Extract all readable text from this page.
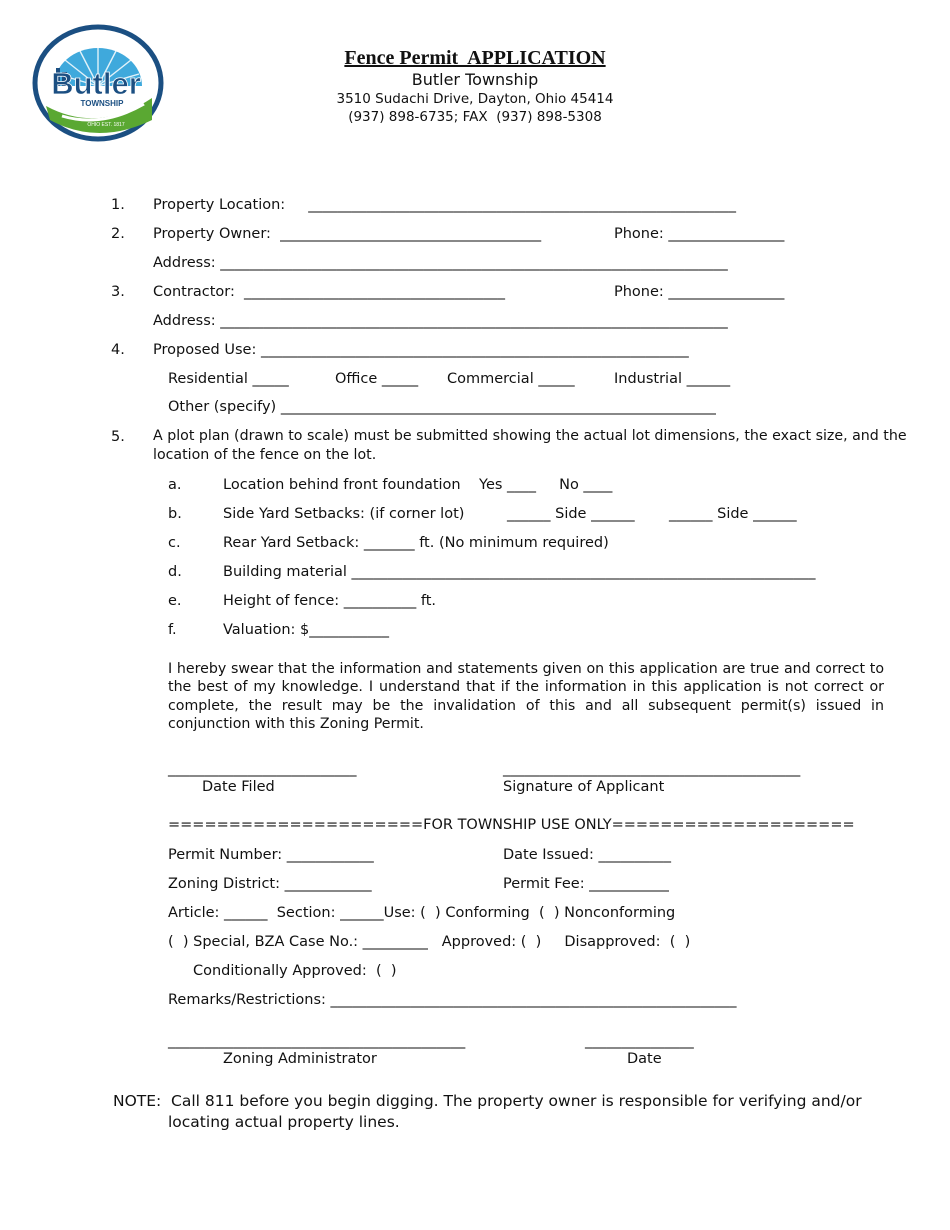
Butler
TOWNSHIP
OHIO EST. 1817
Fence Permit  APPLICATION
Butler Township
3510 Sudachi Drive, Dayton, Ohio 45414
(937) 898-6735; FAX  (937) 898-5308
1. Property Location:     ___________________________________________________________
2. Property Owner:  ____________________________________	Phone: ________________
Address: ______________________________________________________________________
3. Contractor:  ____________________________________	Phone: ________________
Address: ______________________________________________________________________
4. Proposed Use: ___________________________________________________________
Residential _____	Office _____ Commercial _____	Industrial ______
Other (specify) ____________________________________________________________
5. A plot plan (drawn to scale) must be submitted showing the actual lot dimensions, the exact size, and the
location of the fence on the lot.
a.	Location behind front foundation    Yes ____     No ____
b.	Side Yard Setbacks: (if corner lot)	______ Side ______ ______ Side ______
c.	Rear Yard Setback: _______ ft. (No minimum required)
d.	Building material ________________________________________________________________
e.	Height of fence: __________ ft.
f.	Valuation: $___________
I hereby swear that the information and statements given on this application are true and correct to the best of my knowledge. I understand that if the information in this application is not correct or complete, the result may be the invalidation of this and all subsequent permit(s) issued in conjunction with this Zoning Permit.
__________________________
Date Filed
_________________________________________
Signature of Applicant
=====================FOR TOWNSHIP USE ONLY====================
Permit Number: ____________	Date Issued: __________
Zoning District: ____________	Permit Fee: ___________
Article: ______  Section: ______Use: (  ) Conforming  (  ) Nonconforming
(  ) Special, BZA Case No.: _________   Approved: (  )     Disapproved:  (  )
Conditionally Approved:  (  )
Remarks/Restrictions: ________________________________________________________
_________________________________________
Zoning Administrator
_______________
Date
NOTE: Call 811 before you begin digging. The property owner is responsible for verifying and/or
locating actual property lines.
